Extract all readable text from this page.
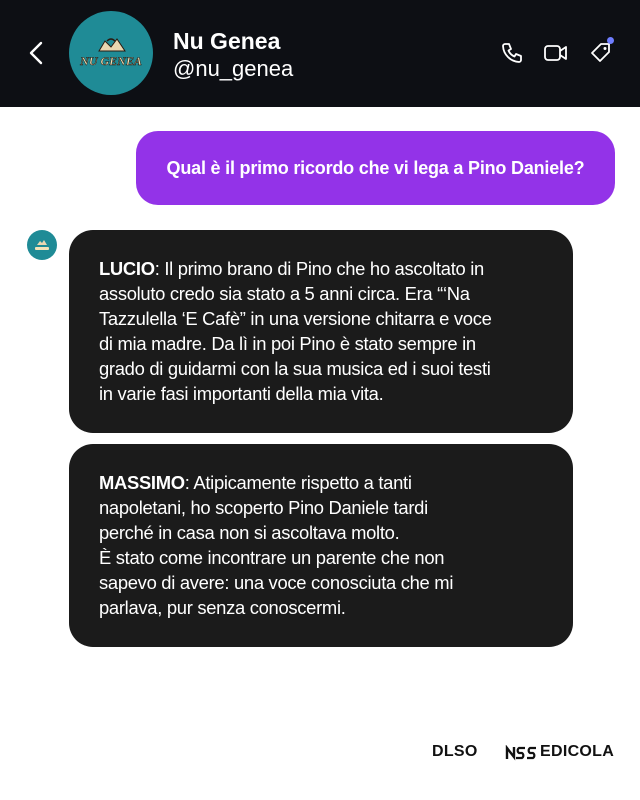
NU GENEA
Nu Genea
@nu_genea
Qual è il primo ricordo che vi lega a Pino Daniele?
LUCIO: Il primo brano di Pino che ho ascoltato in
assoluto credo sia stato a 5 anni circa. Era “‘Na
Tazzulella ‘E Cafè” in una versione chitarra e voce
di mia madre. Da lì in poi Pino è stato sempre in
grado di guidarmi con la sua musica ed i suoi testi
in varie fasi importanti della mia vita.
MASSIMO: Atipicamente rispetto a tanti
napoletani, ho scoperto Pino Daniele tardi
perché in casa non si ascoltava molto.
È stato come incontrare un parente che non
sapevo di avere: una voce conosciuta che mi
parlava, pur senza conoscermi.
DLSO	EDICOLA
